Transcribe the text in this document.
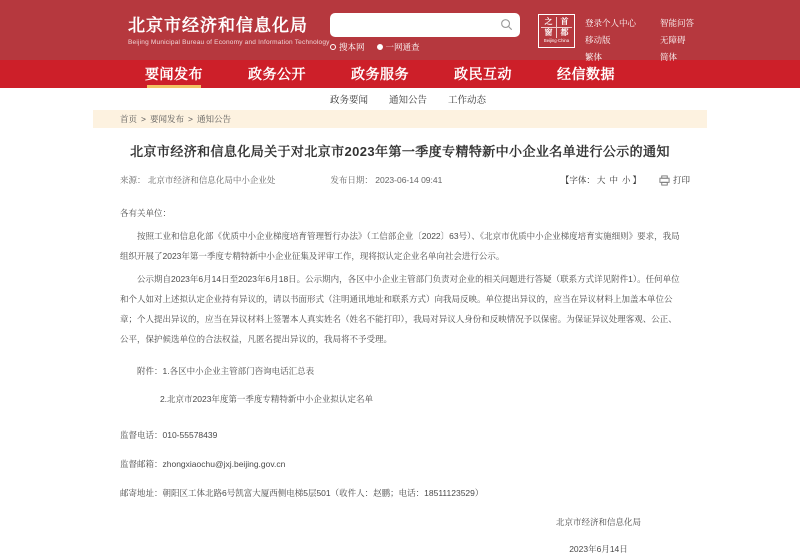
北京市经济和信息化局
Beijing Municipal Bureau of Economy and Information Technology 搜本网 一网通查
之	首
窗	都
Beijing·China
登录个人中心
移动版
繁体
智能问答
无障碍
简体
要闻发布	政务公开	政务服务	政民互动	经信数据
政务要闻 通知公告 工作动态
首页 > 要闻发布 > 通知公告
北京市经济和信息化局关于对北京市2023年第一季度专精特新中小企业名单进行公示的通知
来源： 北京市经济和信息化局中小企业处	发布日期： 2023-06-14 09:41	【字体： 大 中 小 】	打印

各有关单位：

按照工业和信息化部《优质中小企业梯度培育管理暂行办法》（工信部企业〔2022〕63号）、《北京市优质中小企业梯度培育实施细则》要求，我局组织开展了2023年第一季度专精特新中小企业征集及评审工作，现将拟认定企业名单向社会进行公示。

公示期自2023年6月14日至2023年6月18日。公示期内，各区中小企业主管部门负责对企业的相关问题进行答疑（联系方式详见附件1）。任何单位和个人如对上述拟认定企业持有异议的，请以书面形式（注明通讯地址和联系方式）向我局反映。单位提出异议的，应当在异议材料上加盖本单位公章；个人提出异议的，应当在异议材料上签署本人真实姓名（姓名不能打印），我局对异议人身份和反映情况予以保密。为保证异议处理客观、公正、公平，保护候选单位的合法权益，凡匿名提出异议的，我局将不予受理。

附件：1.各区中小企业主管部门咨询电话汇总表
2.北京市2023年度第一季度专精特新中小企业拟认定名单

监督电话：010-55578439

监督邮箱：zhongxiaochu@jxj.beijing.gov.cn

邮寄地址：朝阳区工体北路6号凯富大厦西侧电梯5层501（收件人：赵鹏；电话：18511123529）

北京市经济和信息化局
2023年6月14日
